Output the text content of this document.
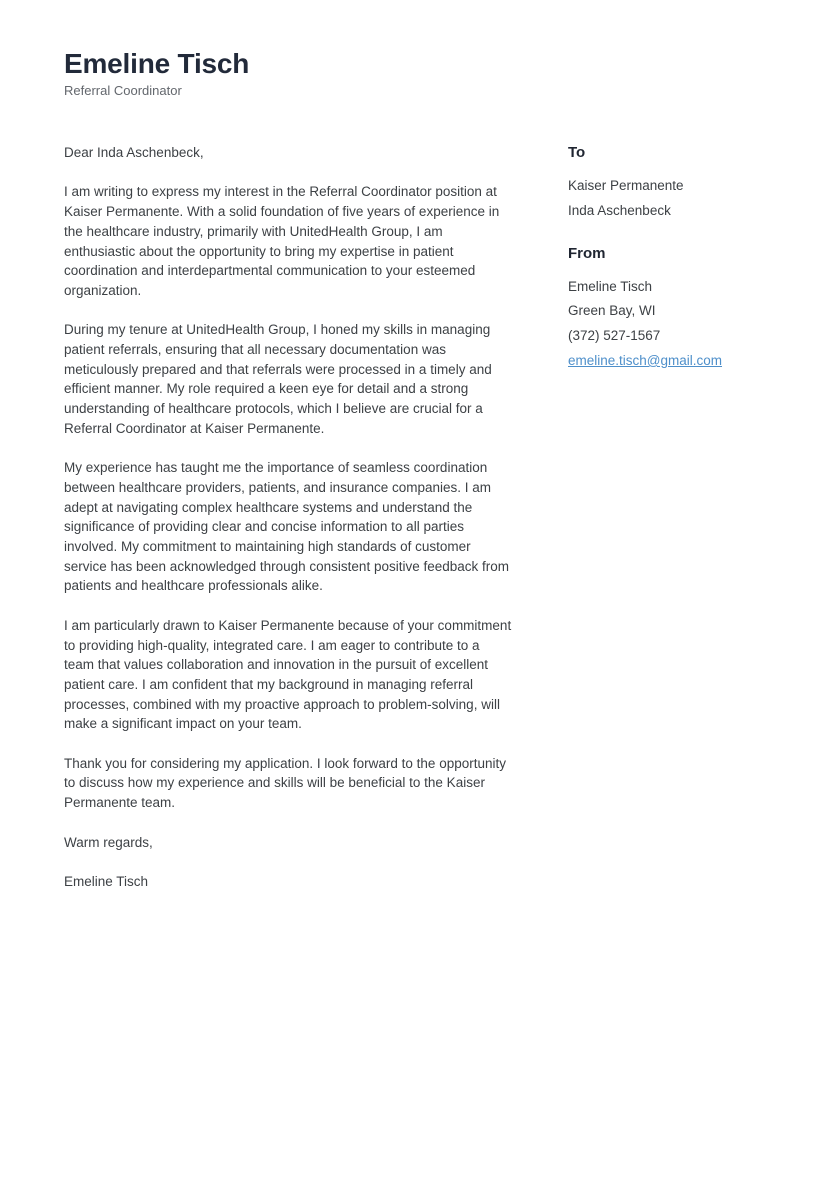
Emeline Tisch
Referral Coordinator

Dear Inda Aschenbeck,

I am writing to express my interest in the Referral Coordinator position at Kaiser Permanente. With a solid foundation of five years of experience in the healthcare industry, primarily with UnitedHealth Group, I am enthusiastic about the opportunity to bring my expertise in patient coordination and interdepartmental communication to your esteemed organization.

During my tenure at UnitedHealth Group, I honed my skills in managing patient referrals, ensuring that all necessary documentation was meticulously prepared and that referrals were processed in a timely and efficient manner. My role required a keen eye for detail and a strong understanding of healthcare protocols, which I believe are crucial for a Referral Coordinator at Kaiser Permanente.

My experience has taught me the importance of seamless coordination between healthcare providers, patients, and insurance companies. I am adept at navigating complex healthcare systems and understand the significance of providing clear and concise information to all parties involved. My commitment to maintaining high standards of customer service has been acknowledged through consistent positive feedback from patients and healthcare professionals alike.

I am particularly drawn to Kaiser Permanente because of your commitment to providing high-quality, integrated care. I am eager to contribute to a team that values collaboration and innovation in the pursuit of excellent patient care. I am confident that my background in managing referral processes, combined with my proactive approach to problem-solving, will make a significant impact on your team.

Thank you for considering my application. I look forward to the opportunity to discuss how my experience and skills will be beneficial to the Kaiser Permanente team.

Warm regards,

Emeline Tisch

To

Kaiser Permanente

Inda Aschenbeck

From

Emeline Tisch

Green Bay, WI

(372) 527-1567

emeline.tisch@gmail.com
